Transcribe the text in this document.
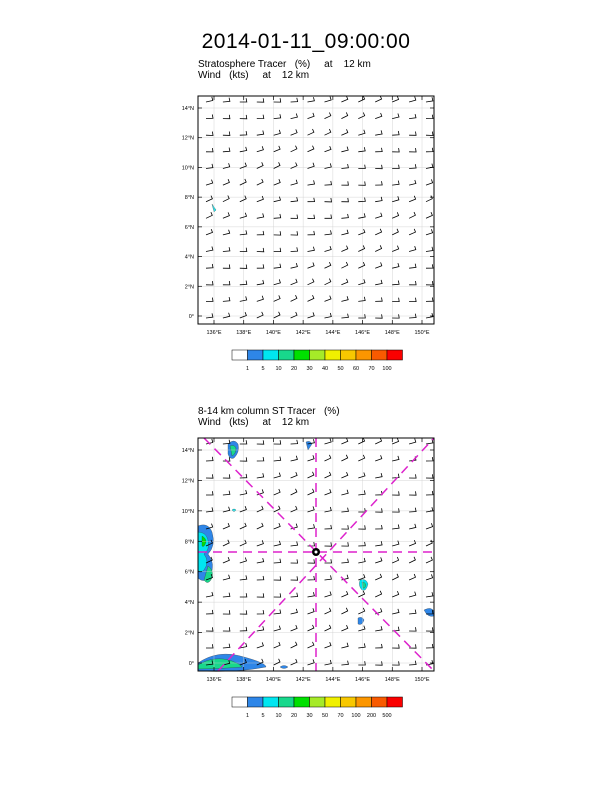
2014-01-11_09:00:00
Stratosphere Tracer   (%)     at    12 km
Wind   (kts)     at    12 km
0°
2°N
4°N
6°N
8°N
10°N
12°N
14°N
136°E	138°E	140°E	142°E	144°E	146°E	148°E	150°E
1 5 10 20 30 40 50 60 70 100
8-14 km column ST Tracer   (%)
Wind   (kts)     at    12 km
0°
2°N
4°N
6°N
8°N
10°N
12°N
14°N
136°E	138°E	140°E	142°E	144°E	146°E	148°E	150°E
1 5 10 20 30 50 70 100 200 500
